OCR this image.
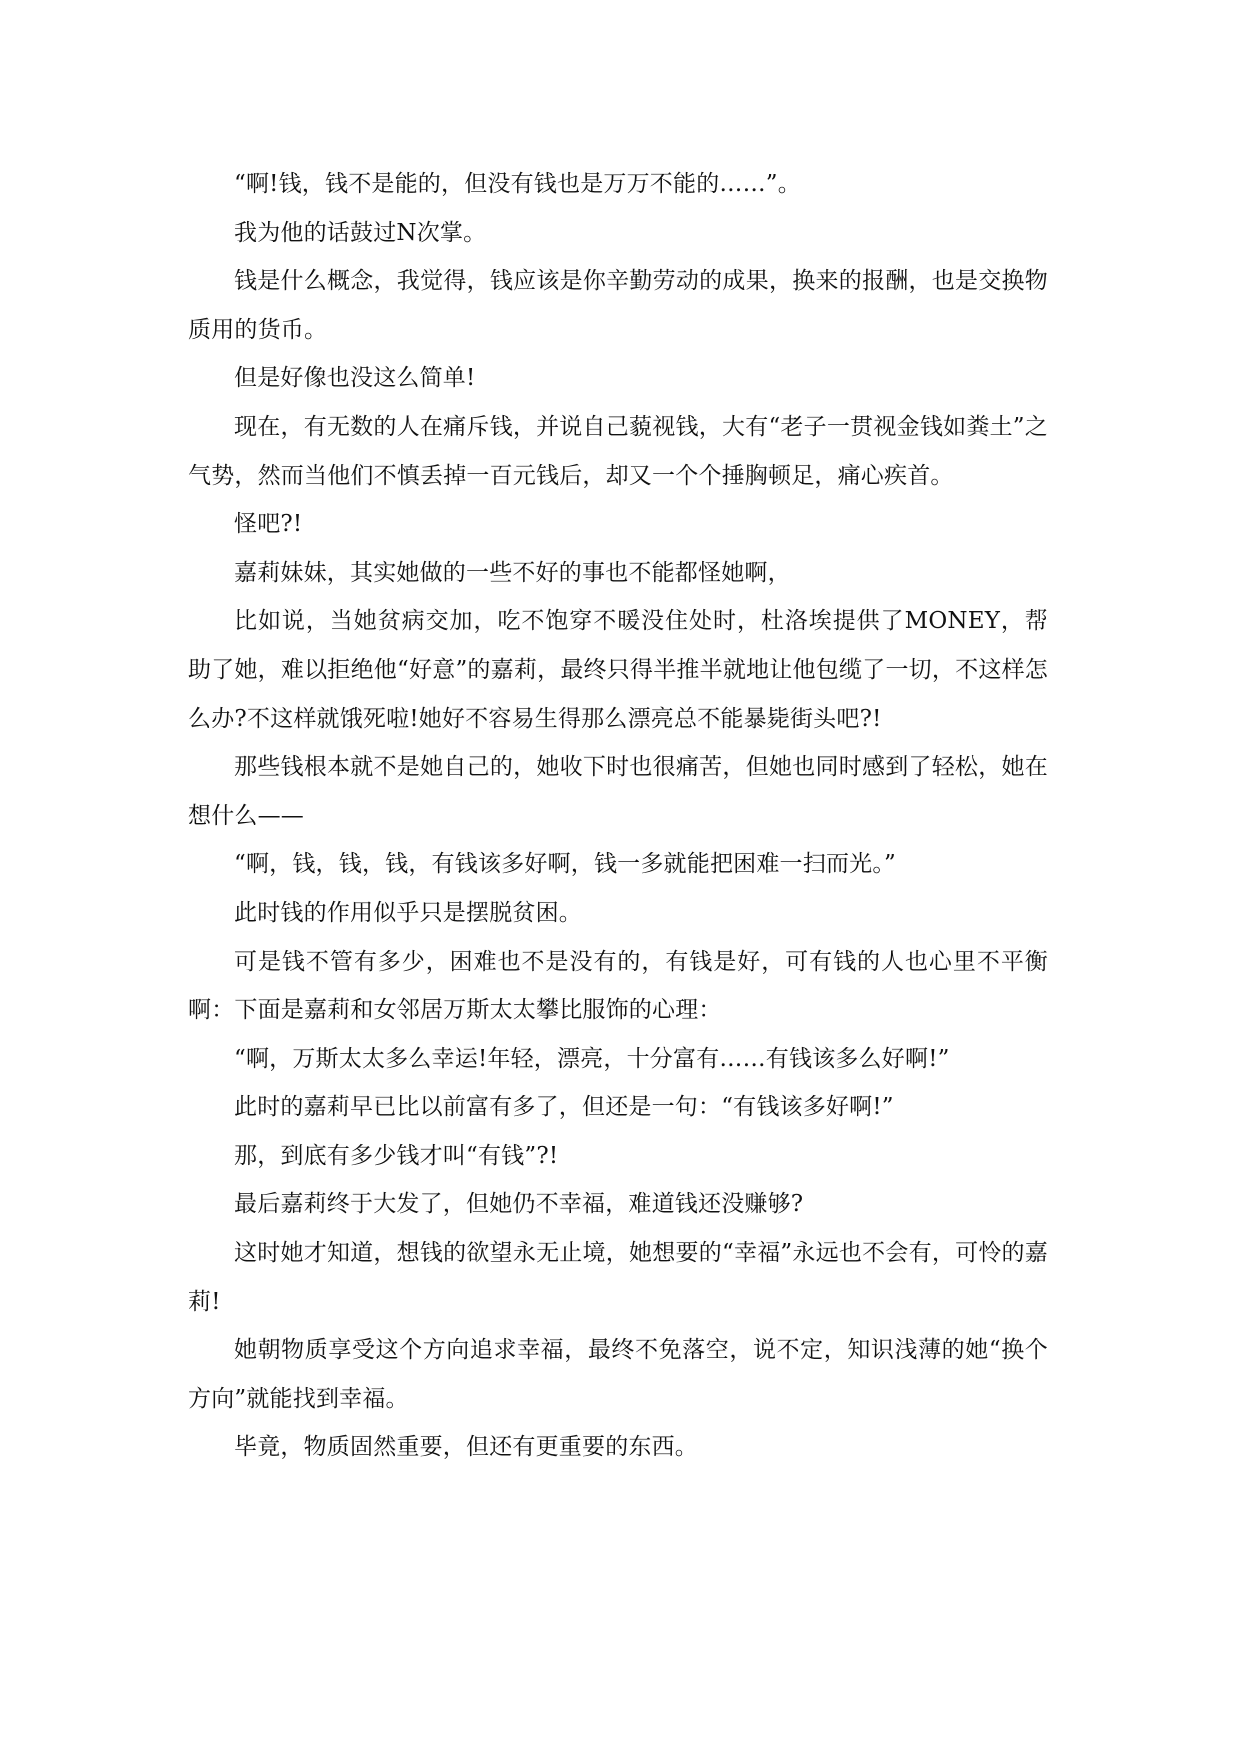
“啊!钱，钱不是能的，但没有钱也是万万不能的……”。

我为他的话鼓过N次掌。

钱是什么概念，我觉得，钱应该是你辛勤劳动的成果，换来的报酬，也是交换物质用的货币。

但是好像也没这么简单!

现在，有无数的人在痛斥钱，并说自己藐视钱，大有“老子一贯视金钱如粪土”之气势，然而当他们不慎丢掉一百元钱后，却又一个个捶胸顿足，痛心疾首。

怪吧?!

嘉莉妹妹，其实她做的一些不好的事也不能都怪她啊，

比如说，当她贫病交加，吃不饱穿不暖没住处时，杜洛埃提供了MONEY，帮助了她，难以拒绝他“好意”的嘉莉，最终只得半推半就地让他包缆了一切，不这样怎么办?不这样就饿死啦!她好不容易生得那么漂亮总不能暴毙街头吧?!

那些钱根本就不是她自己的，她收下时也很痛苦，但她也同时感到了轻松，她在想什么——

“啊，钱，钱，钱，有钱该多好啊，钱一多就能把困难一扫而光。”

此时钱的作用似乎只是摆脱贫困。

可是钱不管有多少，困难也不是没有的，有钱是好，可有钱的人也心里不平衡啊：下面是嘉莉和女邻居万斯太太攀比服饰的心理：

“啊，万斯太太多么幸运!年轻，漂亮，十分富有……有钱该多么好啊!”

此时的嘉莉早已比以前富有多了，但还是一句：“有钱该多好啊!”

那，到底有多少钱才叫“有钱”?!

最后嘉莉终于大发了，但她仍不幸福，难道钱还没赚够?

这时她才知道，想钱的欲望永无止境，她想要的“幸福”永远也不会有，可怜的嘉莉!

她朝物质享受这个方向追求幸福，最终不免落空，说不定，知识浅薄的她“换个方向”就能找到幸福。

毕竟，物质固然重要，但还有更重要的东西。
